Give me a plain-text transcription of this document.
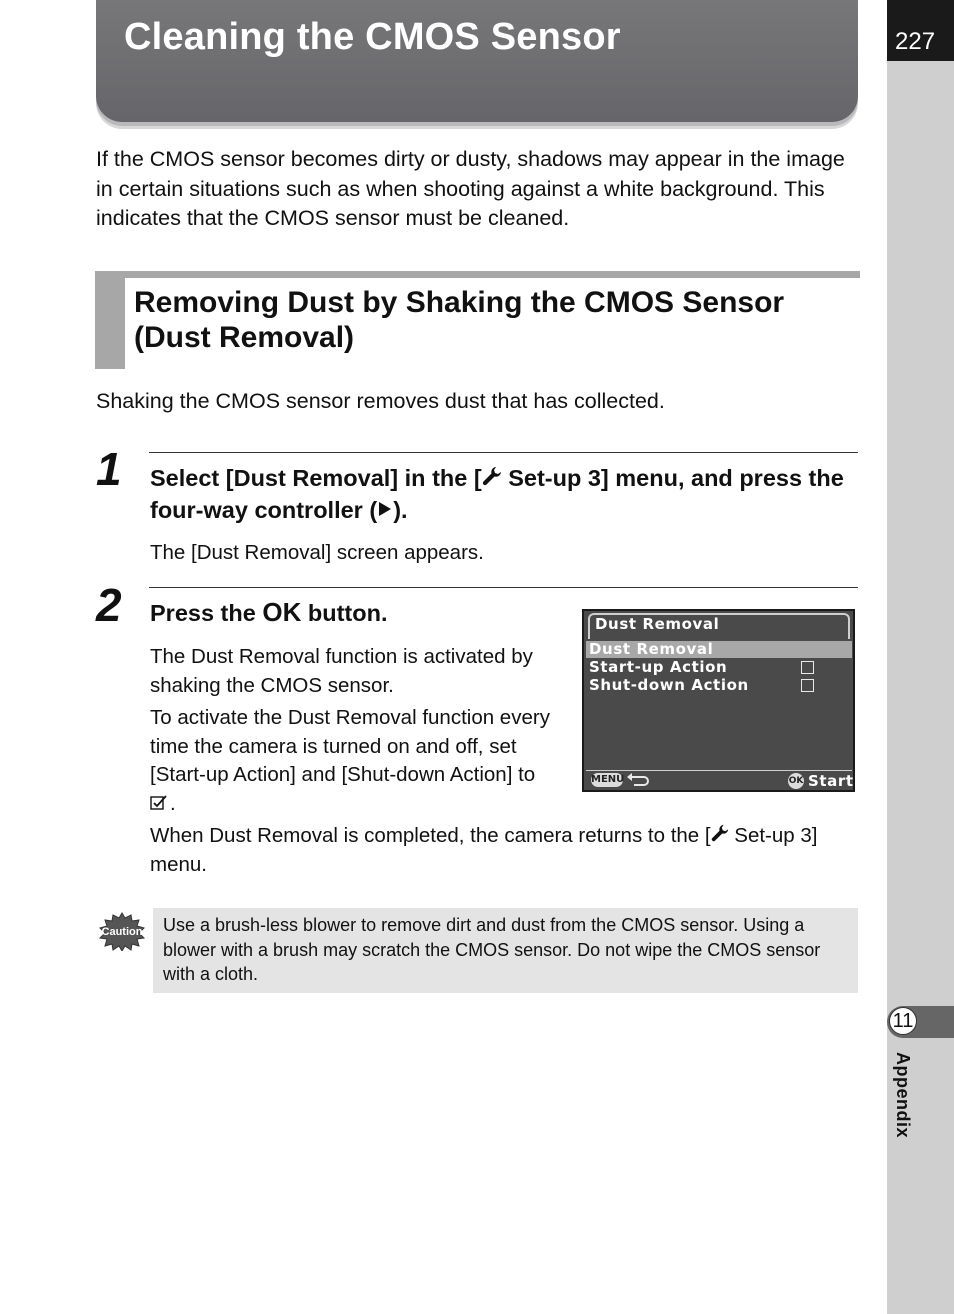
Cleaning the CMOS Sensor	227
11
Appendix

If the CMOS sensor becomes dirty or dusty, shadows may appear in the image in certain situations such as when shooting against a white background. This indicates that the CMOS sensor must be cleaned.

Removing Dust by Shaking the CMOS Sensor (Dust Removal)

Shaking the CMOS sensor removes dust that has collected.

1 Select [Dust Removal] in the [ Set-up 3] menu, and press the four-way controller ( ).

The [Dust Removal] screen appears.

2 Press the OK button.

The Dust Removal function is activated by shaking the CMOS sensor.

To activate the Dust Removal function every time the camera is turned on and off, set [Start-up Action] and [Shut-down Action] to .

When Dust Removal is completed, the camera returns to the [ Set-up 3] menu.

Dust Removal
Dust Removal
Start-up Action
Shut-down Action
MENU	OK Start
Caution Use a brush-less blower to remove dirt and dust from the CMOS sensor. Using a blower with a brush may scratch the CMOS sensor. Do not wipe the CMOS sensor with a cloth.
